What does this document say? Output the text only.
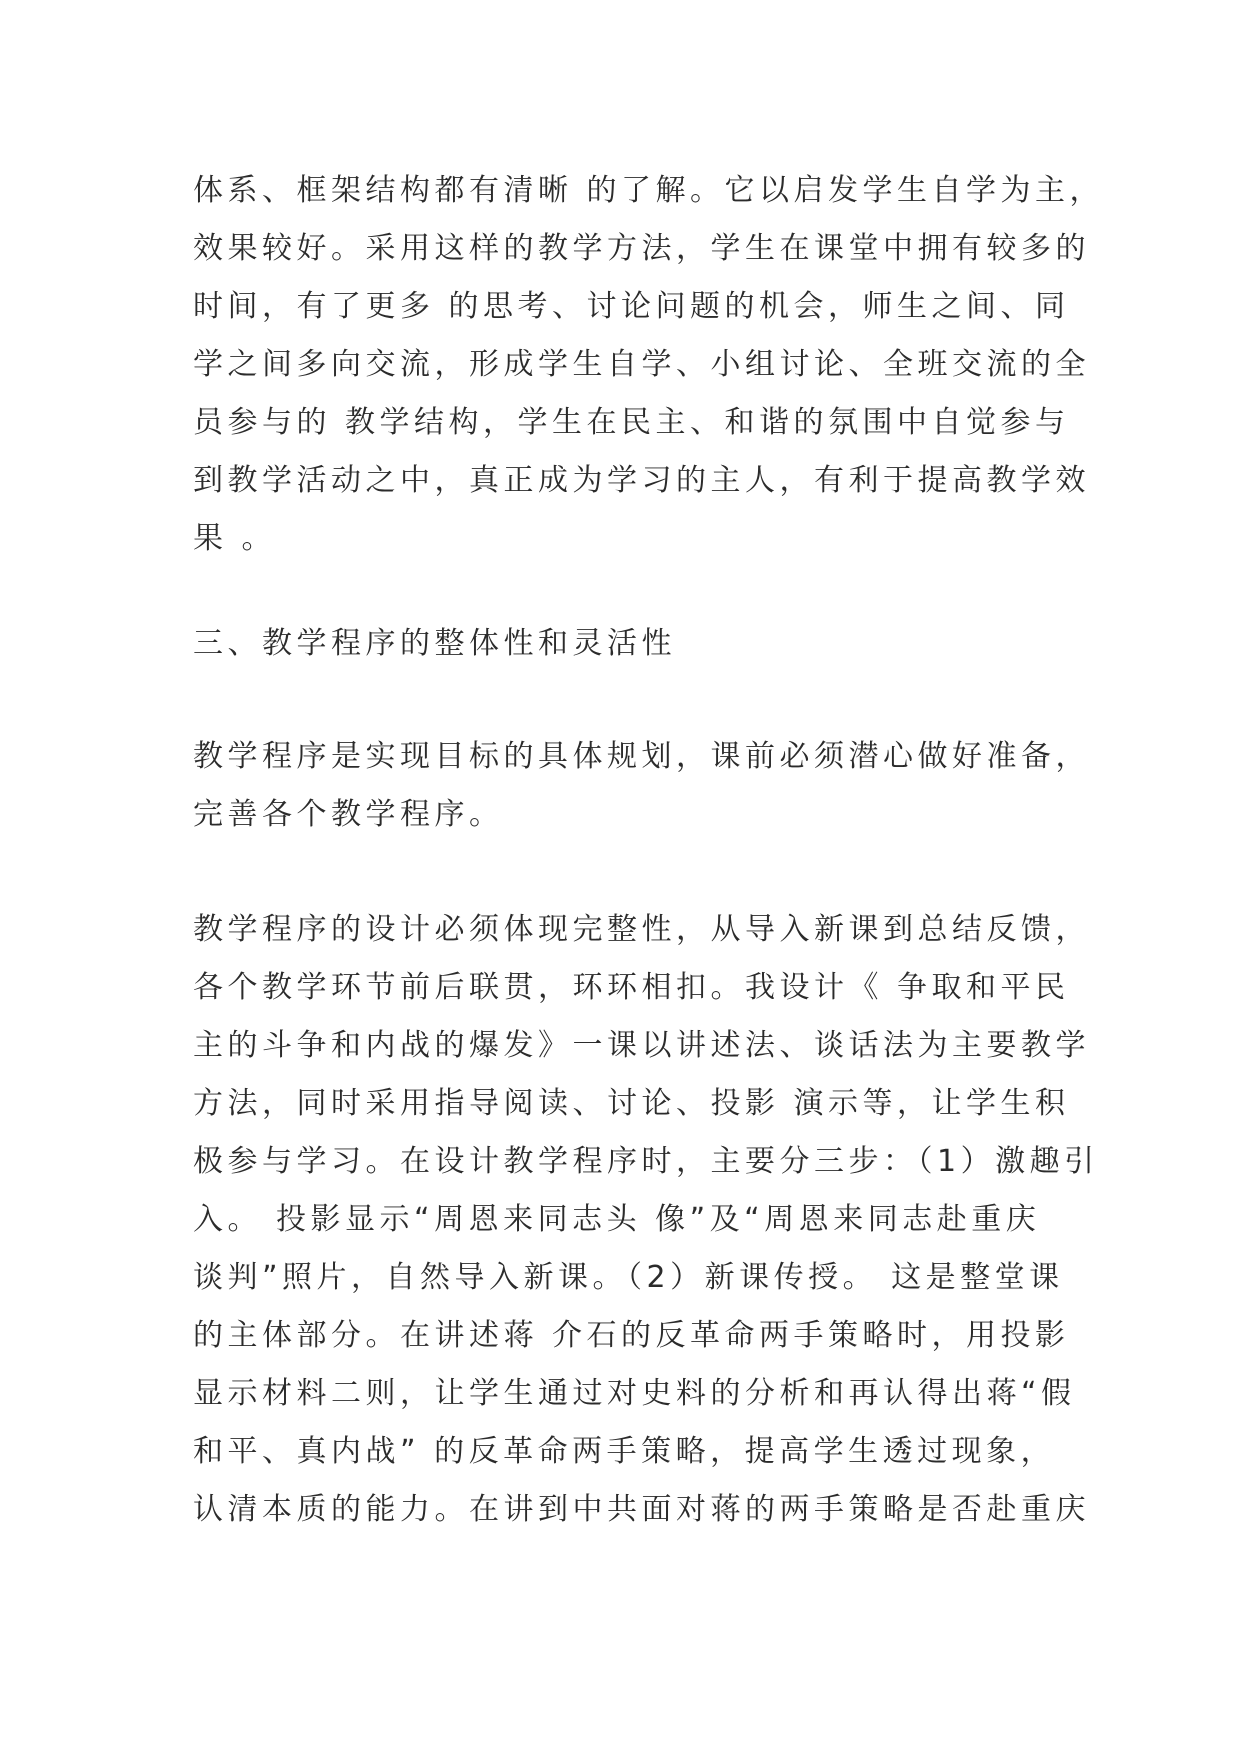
体系、框架结构都有清晰 的了解。它以启发学生自学为主，
效果较好。采用这样的教学方法，学生在课堂中拥有较多的
时间，有了更多 的思考、讨论问题的机会，师生之间、同
学之间多向交流，形成学生自学、小组讨论、全班交流的全
员参与的 教学结构，学生在民主、和谐的氛围中自觉参与
到教学活动之中，真正成为学习的主人，有利于提高教学效
果 。
三、教学程序的整体性和灵活性
教学程序是实现目标的具体规划，课前必须潜心做好准备，
完善各个教学程序。
教学程序的设计必须体现完整性，从导入新课到总结反馈，
各个教学环节前后联贯，环环相扣。我设计《 争取和平民
主的斗争和内战的爆发》一课以讲述法、谈话法为主要教学
方法，同时采用指导阅读、讨论、投影 演示等，让学生积
极参与学习。在设计教学程序时，主要分三步：（1）激趣引
入。 投影显示“周恩来同志头 像”及“周恩来同志赴重庆
谈判”照片，自然导入新课。（2）新课传授。 这是整堂课
的主体部分。在讲述蒋 介石的反革命两手策略时，用投影
显示材料二则，让学生通过对史料的分析和再认得出蒋“假
和平、真内战” 的反革命两手策略，提高学生透过现象，
认清本质的能力。在讲到中共面对蒋的两手策略是否赴重庆
